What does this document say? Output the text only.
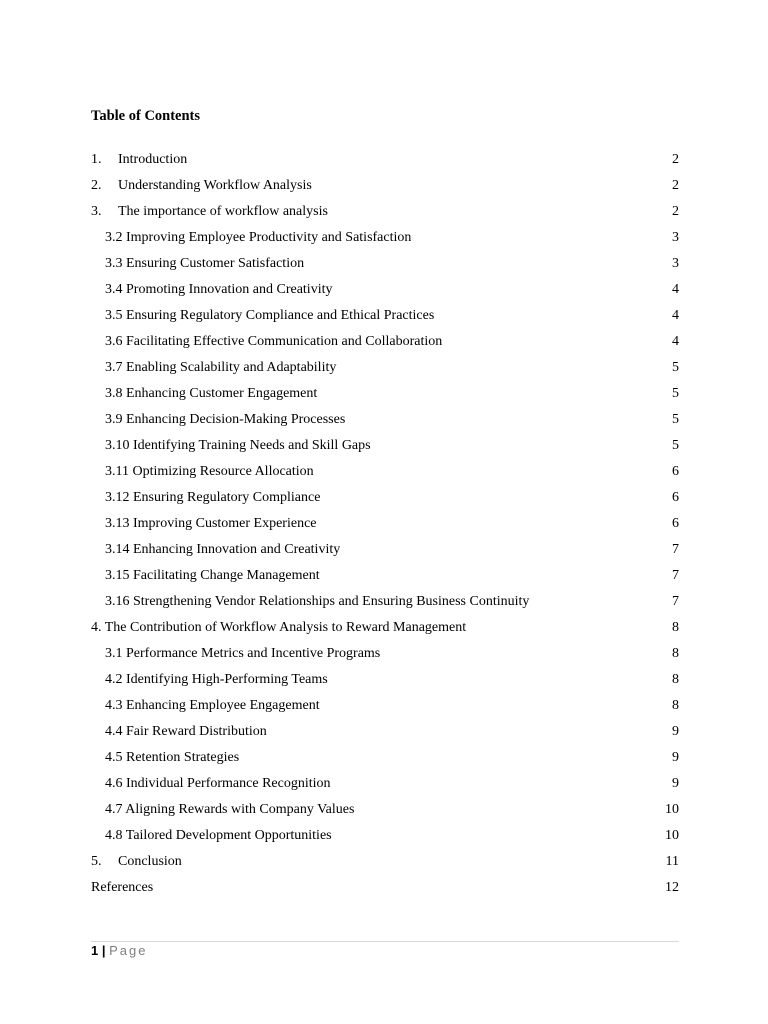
Table of Contents
1.	Introduction	2
2.	Understanding Workflow Analysis	2
3.	The importance of workflow analysis	2
3.2 Improving Employee Productivity and Satisfaction	3
3.3 Ensuring Customer Satisfaction	3
3.4 Promoting Innovation and Creativity	4
3.5 Ensuring Regulatory Compliance and Ethical Practices	4
3.6 Facilitating Effective Communication and Collaboration	4
3.7 Enabling Scalability and Adaptability	5
3.8 Enhancing Customer Engagement	5
3.9 Enhancing Decision-Making Processes	5
3.10 Identifying Training Needs and Skill Gaps	5
3.11 Optimizing Resource Allocation	6
3.12 Ensuring Regulatory Compliance	6
3.13 Improving Customer Experience	6
3.14 Enhancing Innovation and Creativity	7
3.15 Facilitating Change Management	7
3.16 Strengthening Vendor Relationships and Ensuring Business Continuity	7
4. The Contribution of Workflow Analysis to Reward Management	8
3.1 Performance Metrics and Incentive Programs	8
4.2 Identifying High-Performing Teams	8
4.3 Enhancing Employee Engagement	8
4.4 Fair Reward Distribution	9
4.5 Retention Strategies	9
4.6 Individual Performance Recognition	9
4.7 Aligning Rewards with Company Values	10
4.8 Tailored Development Opportunities	10
5.	Conclusion	11
References	12
1 | Page
